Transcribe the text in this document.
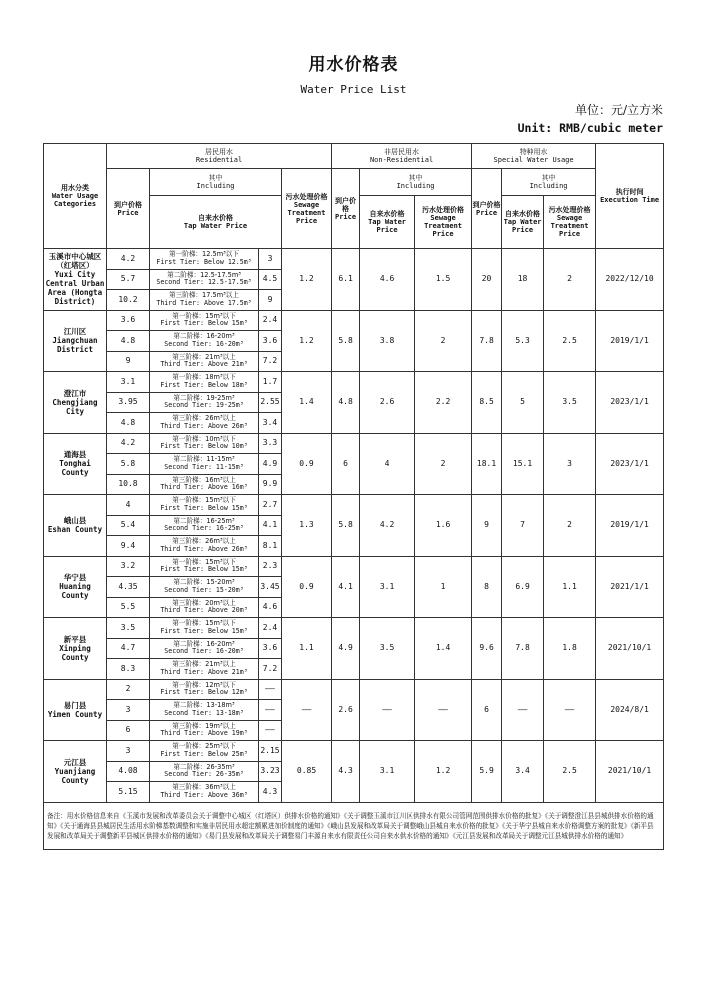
用水价格表
Water Price List
单位：元/立方米
Unit: RMB/cubic meter
用水分类
Water Usage Categories	居民用水
Residential				非居民用水
Non-Residential			特种用水
Special Water Usage			执行时间
Execution Time

	到户价格
Price	其中
Including		污水处理价格
Sewage Treatment Price	到户价格
Price	其中
Including		到户价格
Price	其中
Including		

		自来水价格
Tap Water Price				自来水价格
Tap Water Price	污水处理价格
Sewage Treatment Price		自来水价格
Tap Water Price	污水处理价格
Sewage Treatment Price	

玉溪市中心城区（红塔区）
Yuxi City Central Urban Area (Hongta District)	4.2	第一阶梯：12.5m³以下
First Tier: Below 12.5m³	3	1.2	6.1	4.6	1.5	20	18	2	2022/12/10
	5.7	第二阶梯：12.5-17.5m³
Second Tier: 12.5-17.5m³	4.5								
	10.2	第三阶梯：17.5m³以上
Third Tier: Above 17.5m³	9								

江川区
Jiangchuan District	3.6	第一阶梯：15m³以下
First Tier: Below 15m³	2.4	1.2	5.8	3.8	2	7.8	5.3	2.5	2019/1/1
	4.8	第二阶梯：16-20m³
Second Tier: 16-20m³	3.6								
	9	第三阶梯：21m³以上
Third Tier: Above 21m³	7.2								

澄江市
Chengjiang City	3.1	第一阶梯：18m³以下
First Tier: Below 18m³	1.7	1.4	4.8	2.6	2.2	8.5	5	3.5	2023/1/1
	3.95	第二阶梯：19-25m³
Second Tier: 19-25m³	2.55								
	4.8	第三阶梯：26m³以上
Third Tier: Above 26m³	3.4								

通海县
Tonghai County	4.2	第一阶梯：10m³以下
First Tier: Below 10m³	3.3	0.9	6	4	2	18.1	15.1	3	2023/1/1
	5.8	第二阶梯：11-15m³
Second Tier: 11-15m³	4.9								
	10.8	第三阶梯：16m³以上
Third Tier: Above 16m³	9.9								

峨山县
Eshan County	4	第一阶梯：15m³以下
First Tier: Below 15m³	2.7	1.3	5.8	4.2	1.6	9	7	2	2019/1/1
	5.4	第二阶梯：16-25m³
Second Tier: 16-25m³	4.1								
	9.4	第三阶梯：26m³以上
Third Tier: Above 26m³	8.1								

华宁县
Huaning County	3.2	第一阶梯：15m³以下
First Tier: Below 15m³	2.3	0.9	4.1	3.1	1	8	6.9	1.1	2021/1/1
	4.35	第二阶梯：15-20m³
Second Tier: 15-20m³	3.45								
	5.5	第三阶梯：20m³以上
Third Tier: Above 20m³	4.6								

新平县
Xinping County	3.5	第一阶梯：15m³以下
First Tier: Below 15m³	2.4	1.1	4.9	3.5	1.4	9.6	7.8	1.8	2021/10/1
	4.7	第二阶梯：16-20m³
Second Tier: 16-20m³	3.6								
	8.3	第三阶梯：21m³以上
Third Tier: Above 21m³	7.2								

易门县
Yimen County	2	第一阶梯：12m³以下
First Tier: Below 12m³	——	——	2.6	——	——	6	——	——	2024/8/1
	3	第二阶梯：13-18m³
Second Tier: 13-18m³	——								
	6	第三阶梯：19m³以上
Third Tier: Above 19m³	——								

元江县
Yuanjiang County	3	第一阶梯：25m³以下
First Tier: Below 25m³	2.15	0.85	4.3	3.1	1.2	5.9	3.4	2.5	2021/10/1
	4.08	第二阶梯：26-35m³
Second Tier: 26-35m³	3.23								
	5.15	第三阶梯：36m³以上
Third Tier: Above 36m³	4.3								
备注：用水价格信息来自《玉溪市发展和改革委员会关于调整中心城区（红塔区）供排水价格的通知》《关于调整玉溪市江川区供排水有限公司管网范围供排水价格的批复》《关于调整澄江县县城供排水价格的通知》《关于通海县县城居民生活用水阶梯基数调整和实施非居民用水超定额累进加价制度的通知》《峨山县发展和改革局关于调整峨山县城自来水价格的批复》《关于华宁县城自来水价格调整方案的批复》《新平县发展和改革局关于调整新平县城区供排水价格的通知》《易门县发展和改革局关于调整易门丰源自来水有限责任公司自来水供水价格的通知》《元江县发展和改革局关于调整元江县城供排水价格的通知》											
